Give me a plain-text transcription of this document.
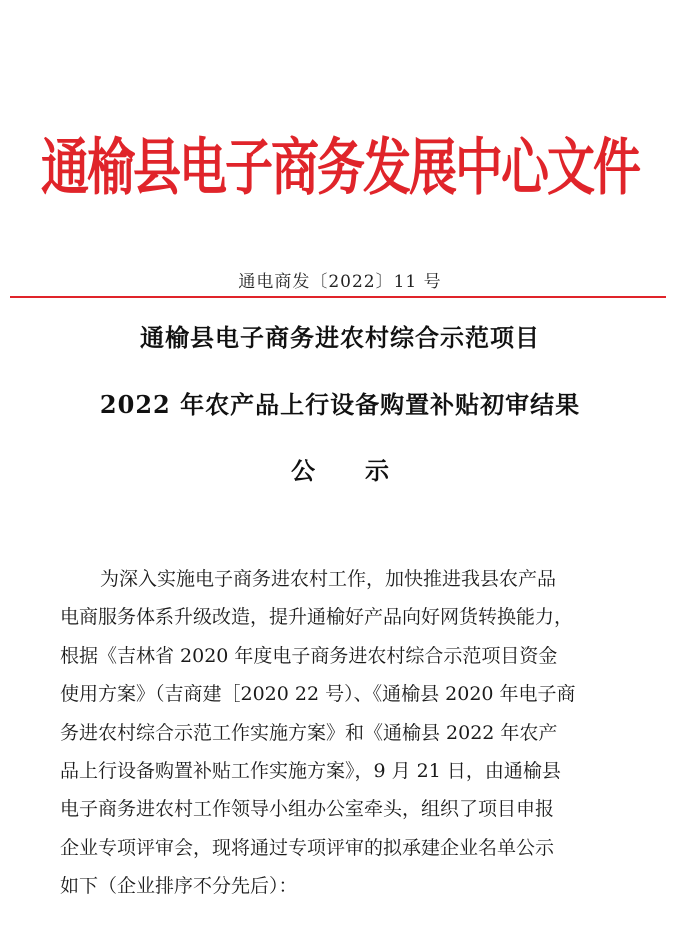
通榆县电子商务发展中心文件
通电商发〔2022〕11 号
通榆县电子商务进农村综合示范项目
2022 年农产品上行设备购置补贴初审结果
公示
为深入实施电子商务进农村工作，加快推进我县农产品
电商服务体系升级改造，提升通榆好产品向好网货转换能力，
根据《吉林省 2020 年度电子商务进农村综合示范项目资金
使用方案》（吉商建［2020 22 号）、《通榆县 2020 年电子商
务进农村综合示范工作实施方案》和《通榆县 2022 年农产
品上行设备购置补贴工作实施方案》，9 月 21 日，由通榆县
电子商务进农村工作领导小组办公室牵头，组织了项目申报
企业专项评审会，现将通过专项评审的拟承建企业名单公示
如下（企业排序不分先后）：
